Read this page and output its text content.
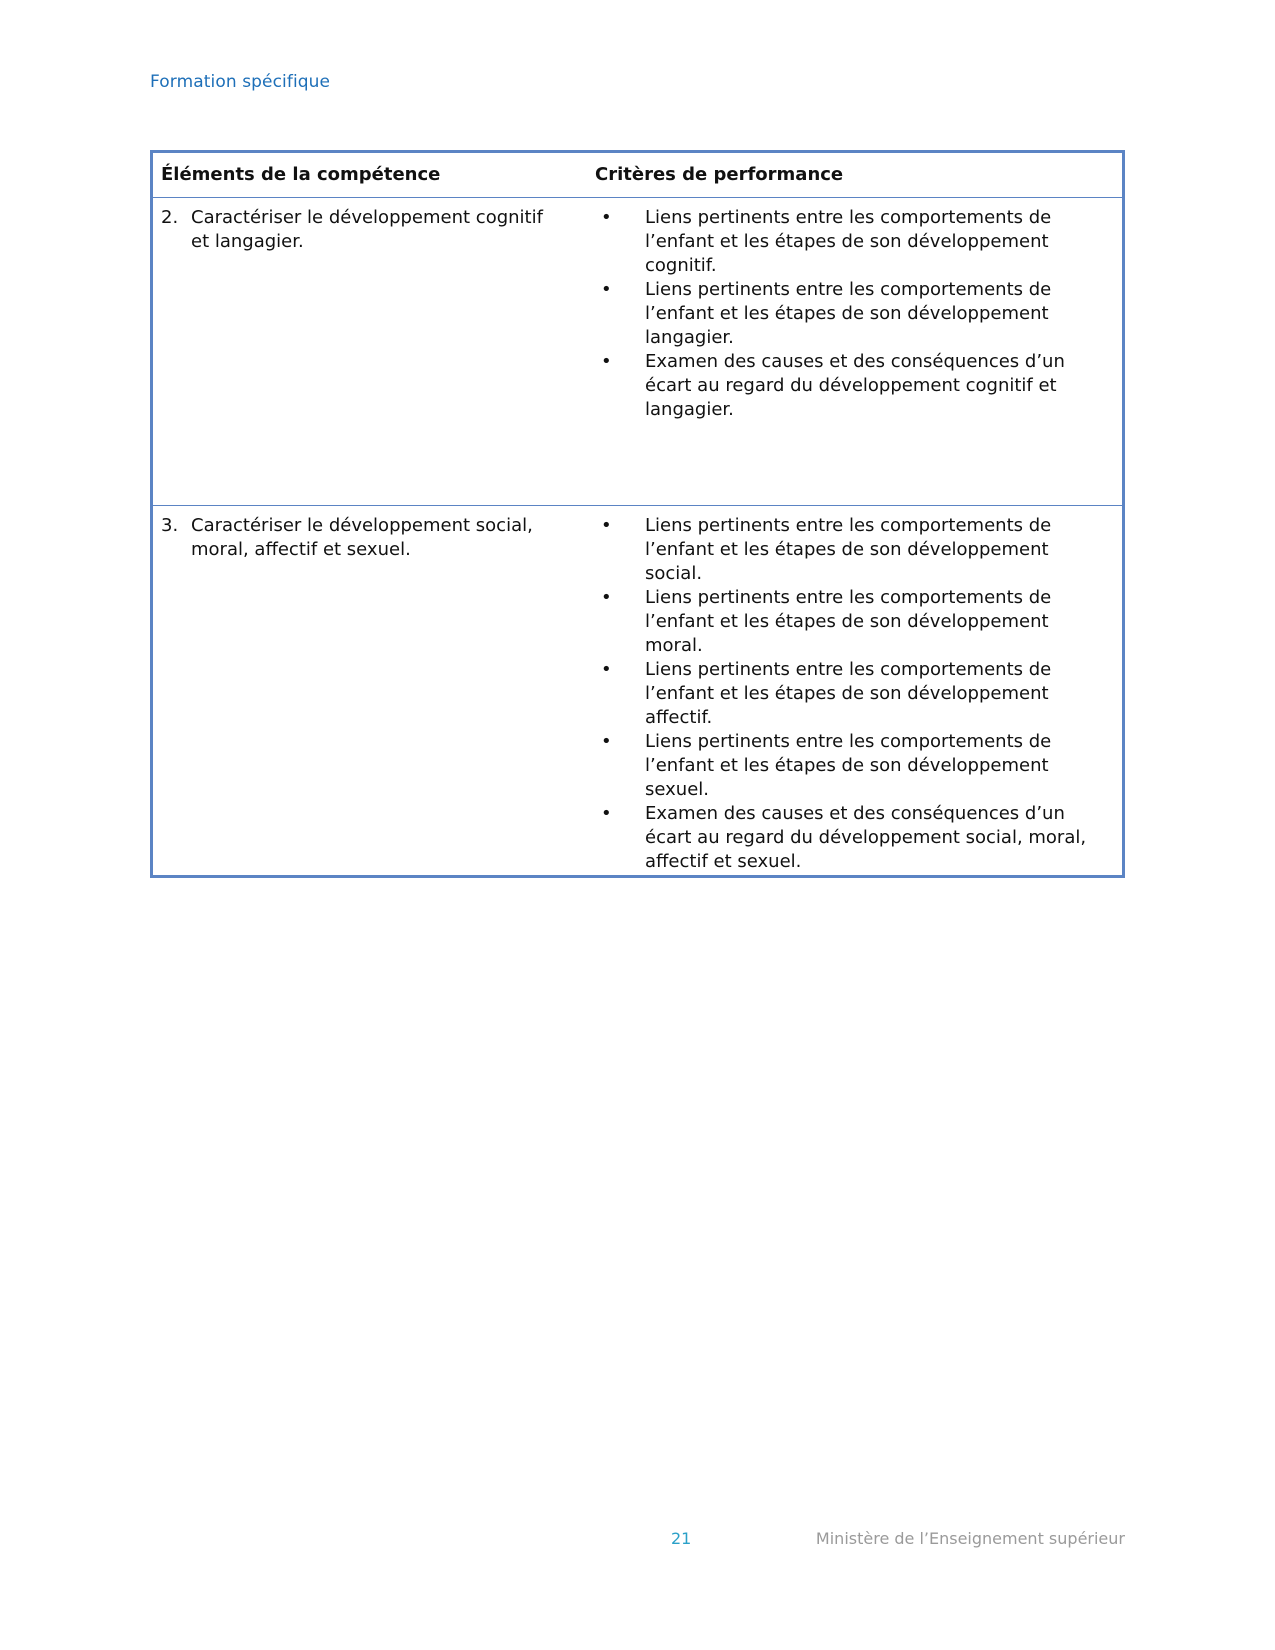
Formation spécifique
Éléments de la compétence	Critères de performance
2. Caractériser le développement cognitif et langagier.
• Liens pertinents entre les comportements de l’enfant et les étapes de son développement cognitif.
• Liens pertinents entre les comportements de l’enfant et les étapes de son développement langagier.
• Examen des causes et des conséquences d’un écart au regard du développement cognitif et langagier.
3. Caractériser le développement social, moral, affectif et sexuel.
• Liens pertinents entre les comportements de l’enfant et les étapes de son développement social.
• Liens pertinents entre les comportements de l’enfant et les étapes de son développement moral.
• Liens pertinents entre les comportements de l’enfant et les étapes de son développement affectif.
• Liens pertinents entre les comportements de l’enfant et les étapes de son développement sexuel.
• Examen des causes et des conséquences d’un écart au regard du développement social, moral, affectif et sexuel.
21	Ministère de l’Enseignement supérieur
